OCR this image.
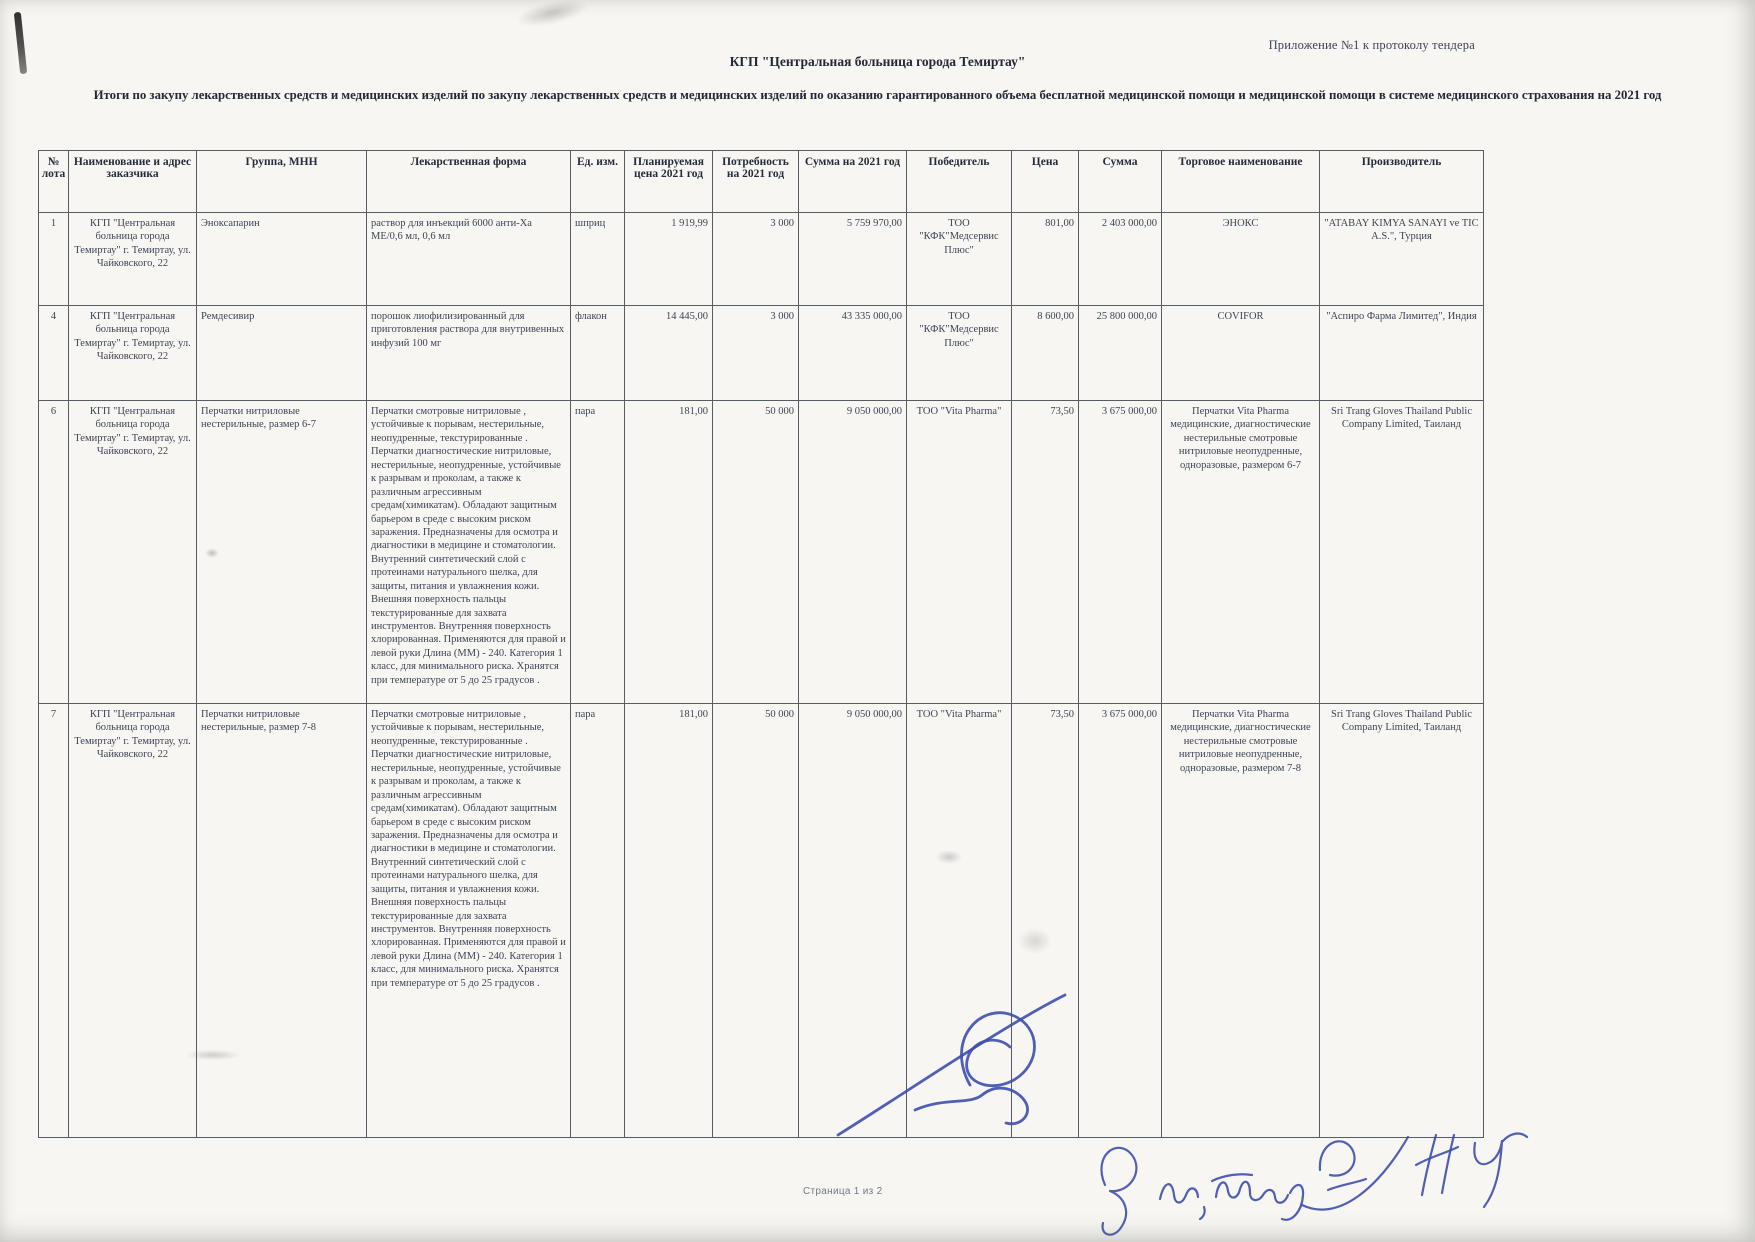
Приложение №1 к протоколу тендера
КГП "Центральная больница города Темиртау"
Итоги по закупу лекарственных средств и медицинских изделий по закупу лекарственных средств и медицинских изделий по оказанию гарантированного объема бесплатной медицинской помощи и медицинской помощи в системе медицинского страхования на 2021 год
№ лота	Наименование и адрес заказчика	Группа, МНН	Лекарственная форма	Ед. изм.	Планируемая цена 2021 год	Потребность на 2021 год	Сумма на 2021 год	Победитель	Цена	Сумма	Торговое наименование	Производитель
1	КГП "Центральная больница города Темиртау" г. Темиртау, ул. Чайковского, 22	Эноксапарин	раствор для инъекций 6000 анти-Ха МЕ/0,6 мл, 0,6 мл	шприц	1 919,99	3 000	5 759 970,00	ТОО "КФК"Медсервис Плюс"	801,00	2 403 000,00	ЭНОКС	"ATABAY KIMYA SANAYI ve TIC A.S.", Турция
4	КГП "Центральная больница города Темиртау" г. Темиртау, ул. Чайковского, 22	Ремдесивир	порошок лиофилизированный для приготовления раствора для внутривенных инфузий 100 мг	флакон	14 445,00	3 000	43 335 000,00	ТОО "КФК"Медсервис Плюс"	8 600,00	25 800 000,00	COVIFOR	"Аспиро Фарма Лимитед", Индия
6	КГП "Центральная больница города Темиртау" г. Темиртау, ул. Чайковского, 22	Перчатки нитриловые нестерильные, размер 6-7	Перчатки смотровые нитриловые , устойчивые к порывам, нестерильные, неопудренные, текстурированные . Перчатки диагностические нитриловые, нестерильные, неопудренные, устойчивые к разрывам и проколам, а также к различным агрессивным средам(химикатам). Обладают защитным барьером в среде с высоким риском заражения. Предназначены для осмотра и диагностики в медицине и стоматологии. Внутренний синтетический слой с протеинами натурального шелка, для защиты, питания и увлажнения кожи. Внешняя поверхность пальцы текстурированные для захвата инструментов. Внутренняя поверхность хлорированная. Применяются для правой и левой руки Длина (ММ) - 240. Категория 1 класс, для минимального риска. Хранятся при температуре от 5 до 25 градусов .	пара	181,00	50 000	9 050 000,00	ТОО "Vita Pharma"	73,50	3 675 000,00	Перчатки Vita Pharma медицинские, диагностические нестерильные смотровые нитриловые неопудренные, одноразовые, размером 6-7	Sri Trang Gloves Thailand Public Company Limited, Таиланд
7	КГП "Центральная больница города Темиртау" г. Темиртау, ул. Чайковского, 22	Перчатки нитриловые нестерильные, размер 7-8	Перчатки смотровые нитриловые , устойчивые к порывам, нестерильные, неопудренные, текстурированные . Перчатки диагностические нитриловые, нестерильные, неопудренные, устойчивые к разрывам и проколам, а также к различным агрессивным средам(химикатам). Обладают защитным барьером в среде с высоким риском заражения. Предназначены для осмотра и диагностики в медицине и стоматологии. Внутренний синтетический слой с протеинами натурального шелка, для защиты, питания и увлажнения кожи. Внешняя поверхность пальцы текстурированные для захвата инструментов. Внутренняя поверхность хлорированная. Применяются для правой и левой руки Длина (ММ) - 240. Категория 1 класс, для минимального риска. Хранятся при температуре от 5 до 25 градусов .	пара	181,00	50 000	9 050 000,00	ТОО "Vita Pharma"	73,50	3 675 000,00	Перчатки Vita Pharma медицинские, диагностические нестерильные смотровые нитриловые неопудренные, одноразовые, размером 7-8	Sri Trang Gloves Thailand Public Company Limited, Таиланд
Страница 1 из 2
